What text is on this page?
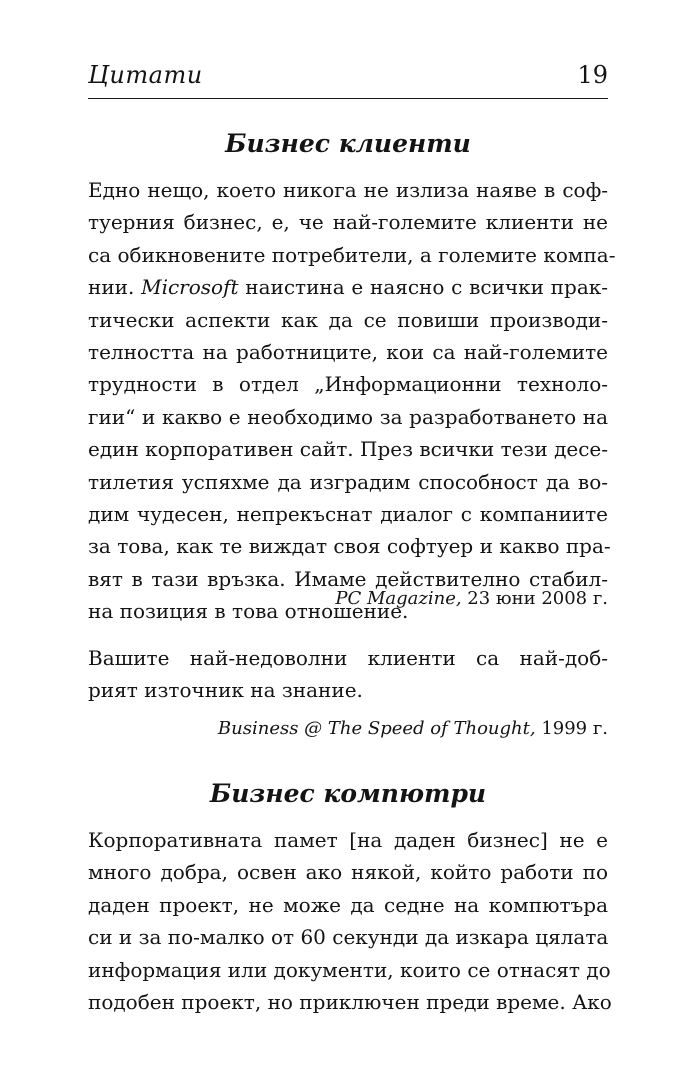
Цитати	19
Бизнес клиенти
Едно нещо, което никога не излиза наяве в соф-
туерния бизнес, е, че най-големите клиенти не
са обикновените потребители, а големите компа-
нии. Microsoft наистина е наясно с всички прак-
тически аспекти как да се повиши производи-
телността на работниците, кои са най-големите
трудности в отдел „Информационни техноло-
гии“ и какво е необходимо за разработването на
един корпоративен сайт. През всички тези десе-
тилетия успяхме да изградим способност да во-
дим чудесен, непрекъснат диалог с компаниите
за това, как те виждат своя софтуер и какво пра-
вят в тази връзка. Имаме действително стабил-
на позиция в това отношение.
PC Magazine, 23 юни 2008 г.
Вашите най-недоволни клиенти са най-доб-
рият източник на знание.
Business @ The Speed of Thought, 1999 г.
Бизнес компютри
Корпоративната памет [на даден бизнес] не е
много добра, освен ако някой, който работи по
даден проект, не може да седне на компютъра
си и за по-малко от 60 секунди да изкара цялата
информация или документи, които се отнасят до
подобен проект, но приключен преди време. Ако
